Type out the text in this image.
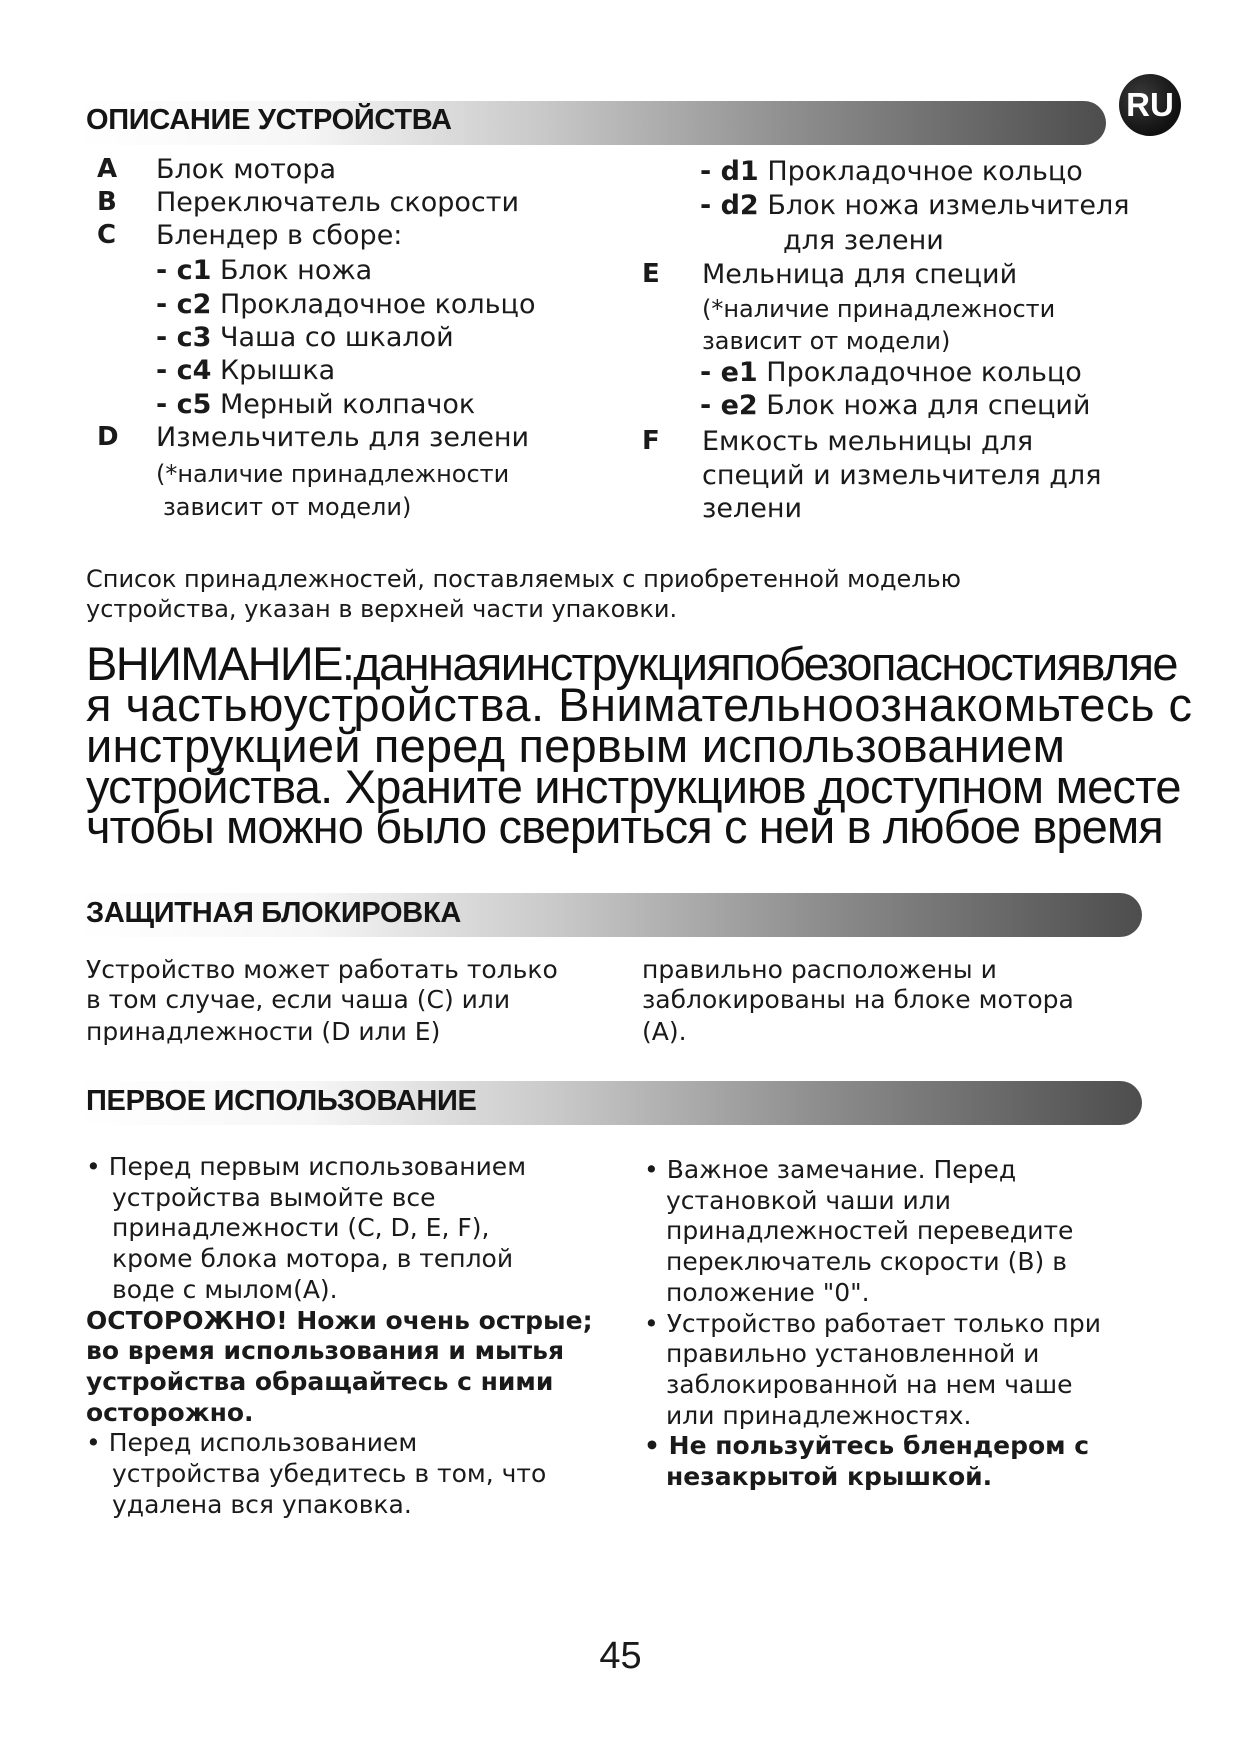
ОПИСАНИЕ УСТРОЙСТВА	RU
A Блок мотора
B Переключатель скорости
C Блендер в сборе:
- c1 Блок ножа
- c2 Прокладочное кольцо
- c3 Чаша со шкалой
- c4 Крышка
- c5 Мерный колпачок
D Измельчитель для зелени
(*наличие принадлежности
зависит от модели)
- d1 Прокладочное кольцо
- d2 Блок ножа измельчителя
для зелени
E Мельница для специй
(*наличие принадлежности
зависит от модели)
- e1 Прокладочное кольцо
- e2 Блок ножа для специй
F Емкость мельницы для
специй и измельчителя для
зелени
Список принадлежностей, поставляемых с приобретенной моделью
устройства, указан в верхней части упаковки.
ВНИМАНИЕ:даннаяинструкцияпобезопасностиявляе
я частьюустройства. Внимательноознакомьтесь с
инструкцией перед первым использованием
устройства. Храните инструкциюв доступном месте
чтобы можно было свериться с ней в любое время
ЗАЩИТНАЯ БЛОКИРОВКА
Устройство может работать только
в том случае, если чаша (C) или
принадлежности (D или E)
правильно расположены и
заблокированы на блоке мотора
(A).
ПЕРВОЕ ИСПОЛЬЗОВАНИЕ
• Перед первым использованием
устройства вымойте все
принадлежности (C, D, E, F),
кроме блока мотора, в теплой
воде с мылом(A).
ОСТОРОЖНО! Ножи очень острые;
во время использования и мытья
устройства обращайтесь с ними
осторожно.
• Перед использованием
устройства убедитесь в том, что
удалена вся упаковка.
• Важное замечание. Перед
установкой чаши или
принадлежностей переведите
переключатель скорости (B) в
положение "0".
• Устройство работает только при
правильно установленной и
заблокированной на нем чаше
или принадлежностях.
• Не пользуйтесь блендером с
незакрытой крышкой.
45
